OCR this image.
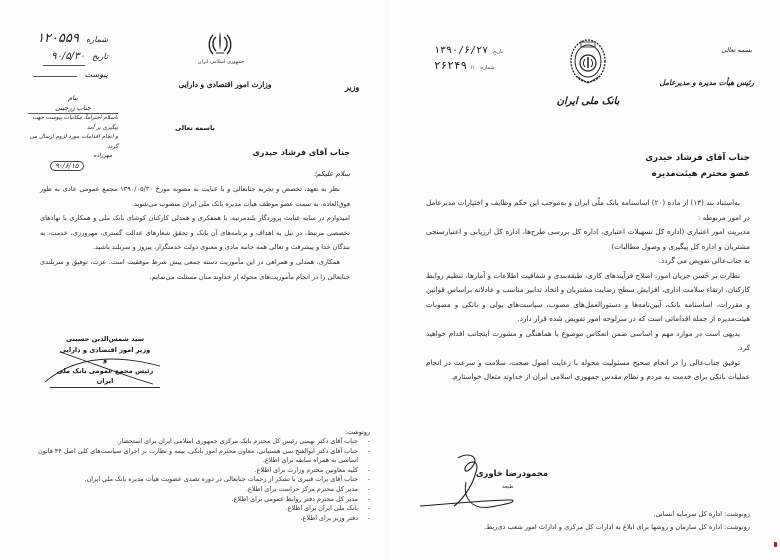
شماره ۱۲۰۵۵۹
تاریخ ۹۰/۵/۳۰
پیوست
جمهوری اسلامی ایران
وزارت امور اقتصادی و دارایی	وزیر
بنام
جناب زرچینی
باسلام احتراماً، مکاتبات پیوست جهت پیگیری بر آمد
و انجام اقدامات مورد لزوم ارسال می گردد
مهرزاده
۹۰/۶/۱۵
باسمه تعالی
جناب آقای فرشاد حیدری
سلام علیکم؛
نظر به تعهد، تخصص و تجربه جنابعالی و با عنایت به مصوبه مورخ ۱۳۹۰/۰۵/۳۰ مجمع عمومی عادی به طور فوق‌العاده، به سمت عضو موظف هیأت مدیره بانک ملی ایران منصوب می‌شوید.
امیدوارم در سایه عنایت پروردگار بلندمرتبه، با همفکری و همدلی کارکنان کوشای بانک ملی و همکاری با نهادهای تخصصی مرتبط، در نیل به اهداف و برنامه‌های آن بانک و تحقق شعارهای عدالت گستری، مهرورزی، خدمت، به بندگان خدا و پیشرفت و تعالی همه جانبه مادی و معنوی دولت خدمتگزار، پیروز و سربلند باشید.
همکاری، همدلی و همراهی در این مأموریت دسته جمعی پیش شرط موفقیت است. عزت، توفیق و سربلندی جنابعالی را در انجام مأموریت‌های محوله از خداوند منان مسئلت می‌نمایم.
سید شمس‌الدین حسینی
وزیر امور اقتصادی و دارایی
و
رئیس مجمع عمومی بانک ملی ایران
رونوشت:
-
جناب آقای دکتر بهمنی رئیس کل محترم بانک مرکزی جمهوری اسلامی ایران برای استحضار.
-
جناب آقای دکتر ابوالفتح سی هستیانی، معاون محترم امور بانکی، بیمه و نظارت بر اجرای سیاست‌های کلی اصل ۴۴ قانون اساسی به همراه سابقه برای اطلاع.
-
کلیه معاونین محترم وزارت برای اطلاع.
-
جناب آقای برات قنبری با تشکر از زحمات جنابعالی در دوره تصدی عضویت هیأت مدیره بانک ملی ایران.
-
مدیر کل محترم مرکز حراست برای اطلاع.
-
مدیر کل محترم دفتر روابط عمومی برای اطلاع.
-
بانک ملی ایران برای اطلاع.
-
دفتر وزیر برای اطلاع.
۱۳۹۰/۶/۲۷ تاریخ:
۲۶۲۴۹ شماره: ۱۰/
بانک ملی ایران
بسمه تعالی
رئیس هیأت مدیره و مدیرعامل
جناب آقای فرشاد حیدری
عضو محترم هیئت‌مدیره
به‌استناد بند (۱۳) از ماده (۲۰) اساسنامه بانک ملّی ایران و به‌موجب این حکم وظایف و اختیارات مدیرعامل در امور مربوطه :
مدیریت امور اعتباری (اداره کل تسهیلات اعتباری، اداره کل بررسی طرح‌ها، اداره کل ارزیابی و اعتبارسنجی مشتریان و اداره کل پیگیری و وصول مطالبات)
به جناب‌عالی تفویض می گردد.
نظارت بر حُسن جریان امور، اصلاح فرآیندهای کاری، طبقه‌بندی و شفافیت اطلاعات و آمارها، تنظیم روابط کارکنان، ارتقاء سلامت اداری، افزایش سطح رضایت مشتریان و اتخاذ تدابیر مناسب و عادلانه براساس قوانین و مقررات، اساسنامه بانک، آیین‌نامه‌ها و دستورالعمل‌های مصوب، سیاست‌های پولی و بانکی و مصوبات هیئت‌مدیره از جمله اقداماتی است که در سرلوحه امور تفویض شده قرار دارد.
بدیهی است در موارد مهم و اساسی ضمن انعکاس موضوع با هماهنگی و مشورت اینجانب اقدام خواهید کرد.
توفیق جناب‌عالی را در انجام صحیح مسئولیت محوله با رعایت اصول صحت، سلامت و سرعت در انجام عملیات بانکی برای خدمت به مردم و نظام مقدس جمهوری اسلامی ایران از خداوند متعال خواستارم.
محمودرضا خاوری
طبعه
رونوشت: اداره کل سرمایه انسانی.
رونوشت: اداره کل سازمان و روشها برای ابلاغ به ادارات کل مرکزی و ادارات امور شعب ذی‌ربط.
